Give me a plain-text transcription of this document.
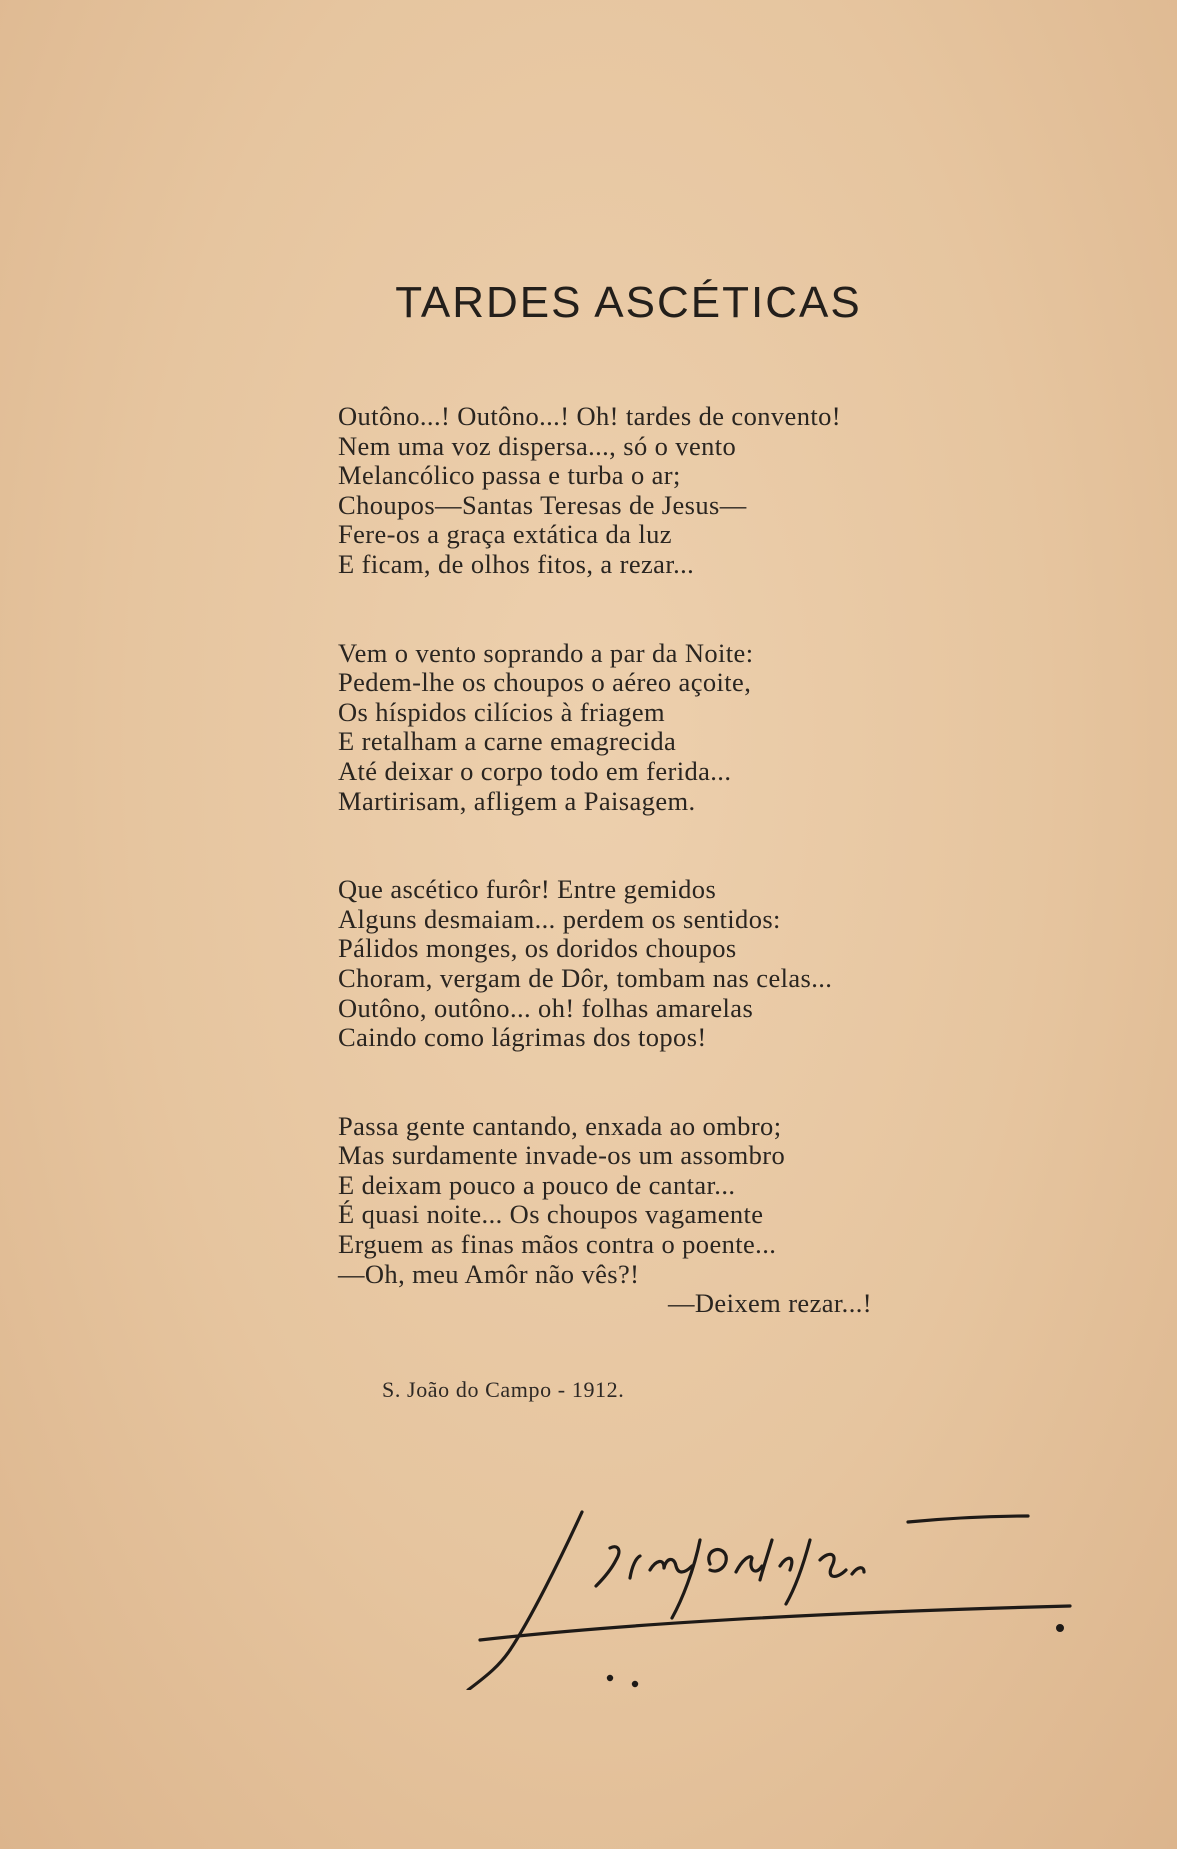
TARDES ASCÉTICAS
Outôno...! Outôno...! Oh! tardes de convento!
Nem uma voz dispersa..., só o vento
Melancólico passa e turba o ar;
Choupos—Santas Teresas de Jesus—
Fere-os a graça extática da luz
E ficam, de olhos fitos, a rezar...
Vem o vento soprando a par da Noite:
Pedem-lhe os choupos o aéreo açoite,
Os híspidos cilícios à friagem
E retalham a carne emagrecida
Até deixar o corpo todo em ferida...
Martirisam, afligem a Paisagem.
Que ascético furôr! Entre gemidos
Alguns desmaiam... perdem os sentidos:
Pálidos monges, os doridos choupos
Choram, vergam de Dôr, tombam nas celas...
Outôno, outôno... oh! folhas amarelas
Caindo como lágrimas dos topos!
Passa gente cantando, enxada ao ombro;
Mas surdamente invade-os um assombro
E deixam pouco a pouco de cantar...
É quasi noite... Os choupos vagamente
Erguem as finas mãos contra o poente...
—Oh, meu Amôr não vês?!
—Deixem rezar...!
S. João do Campo - 1912.
